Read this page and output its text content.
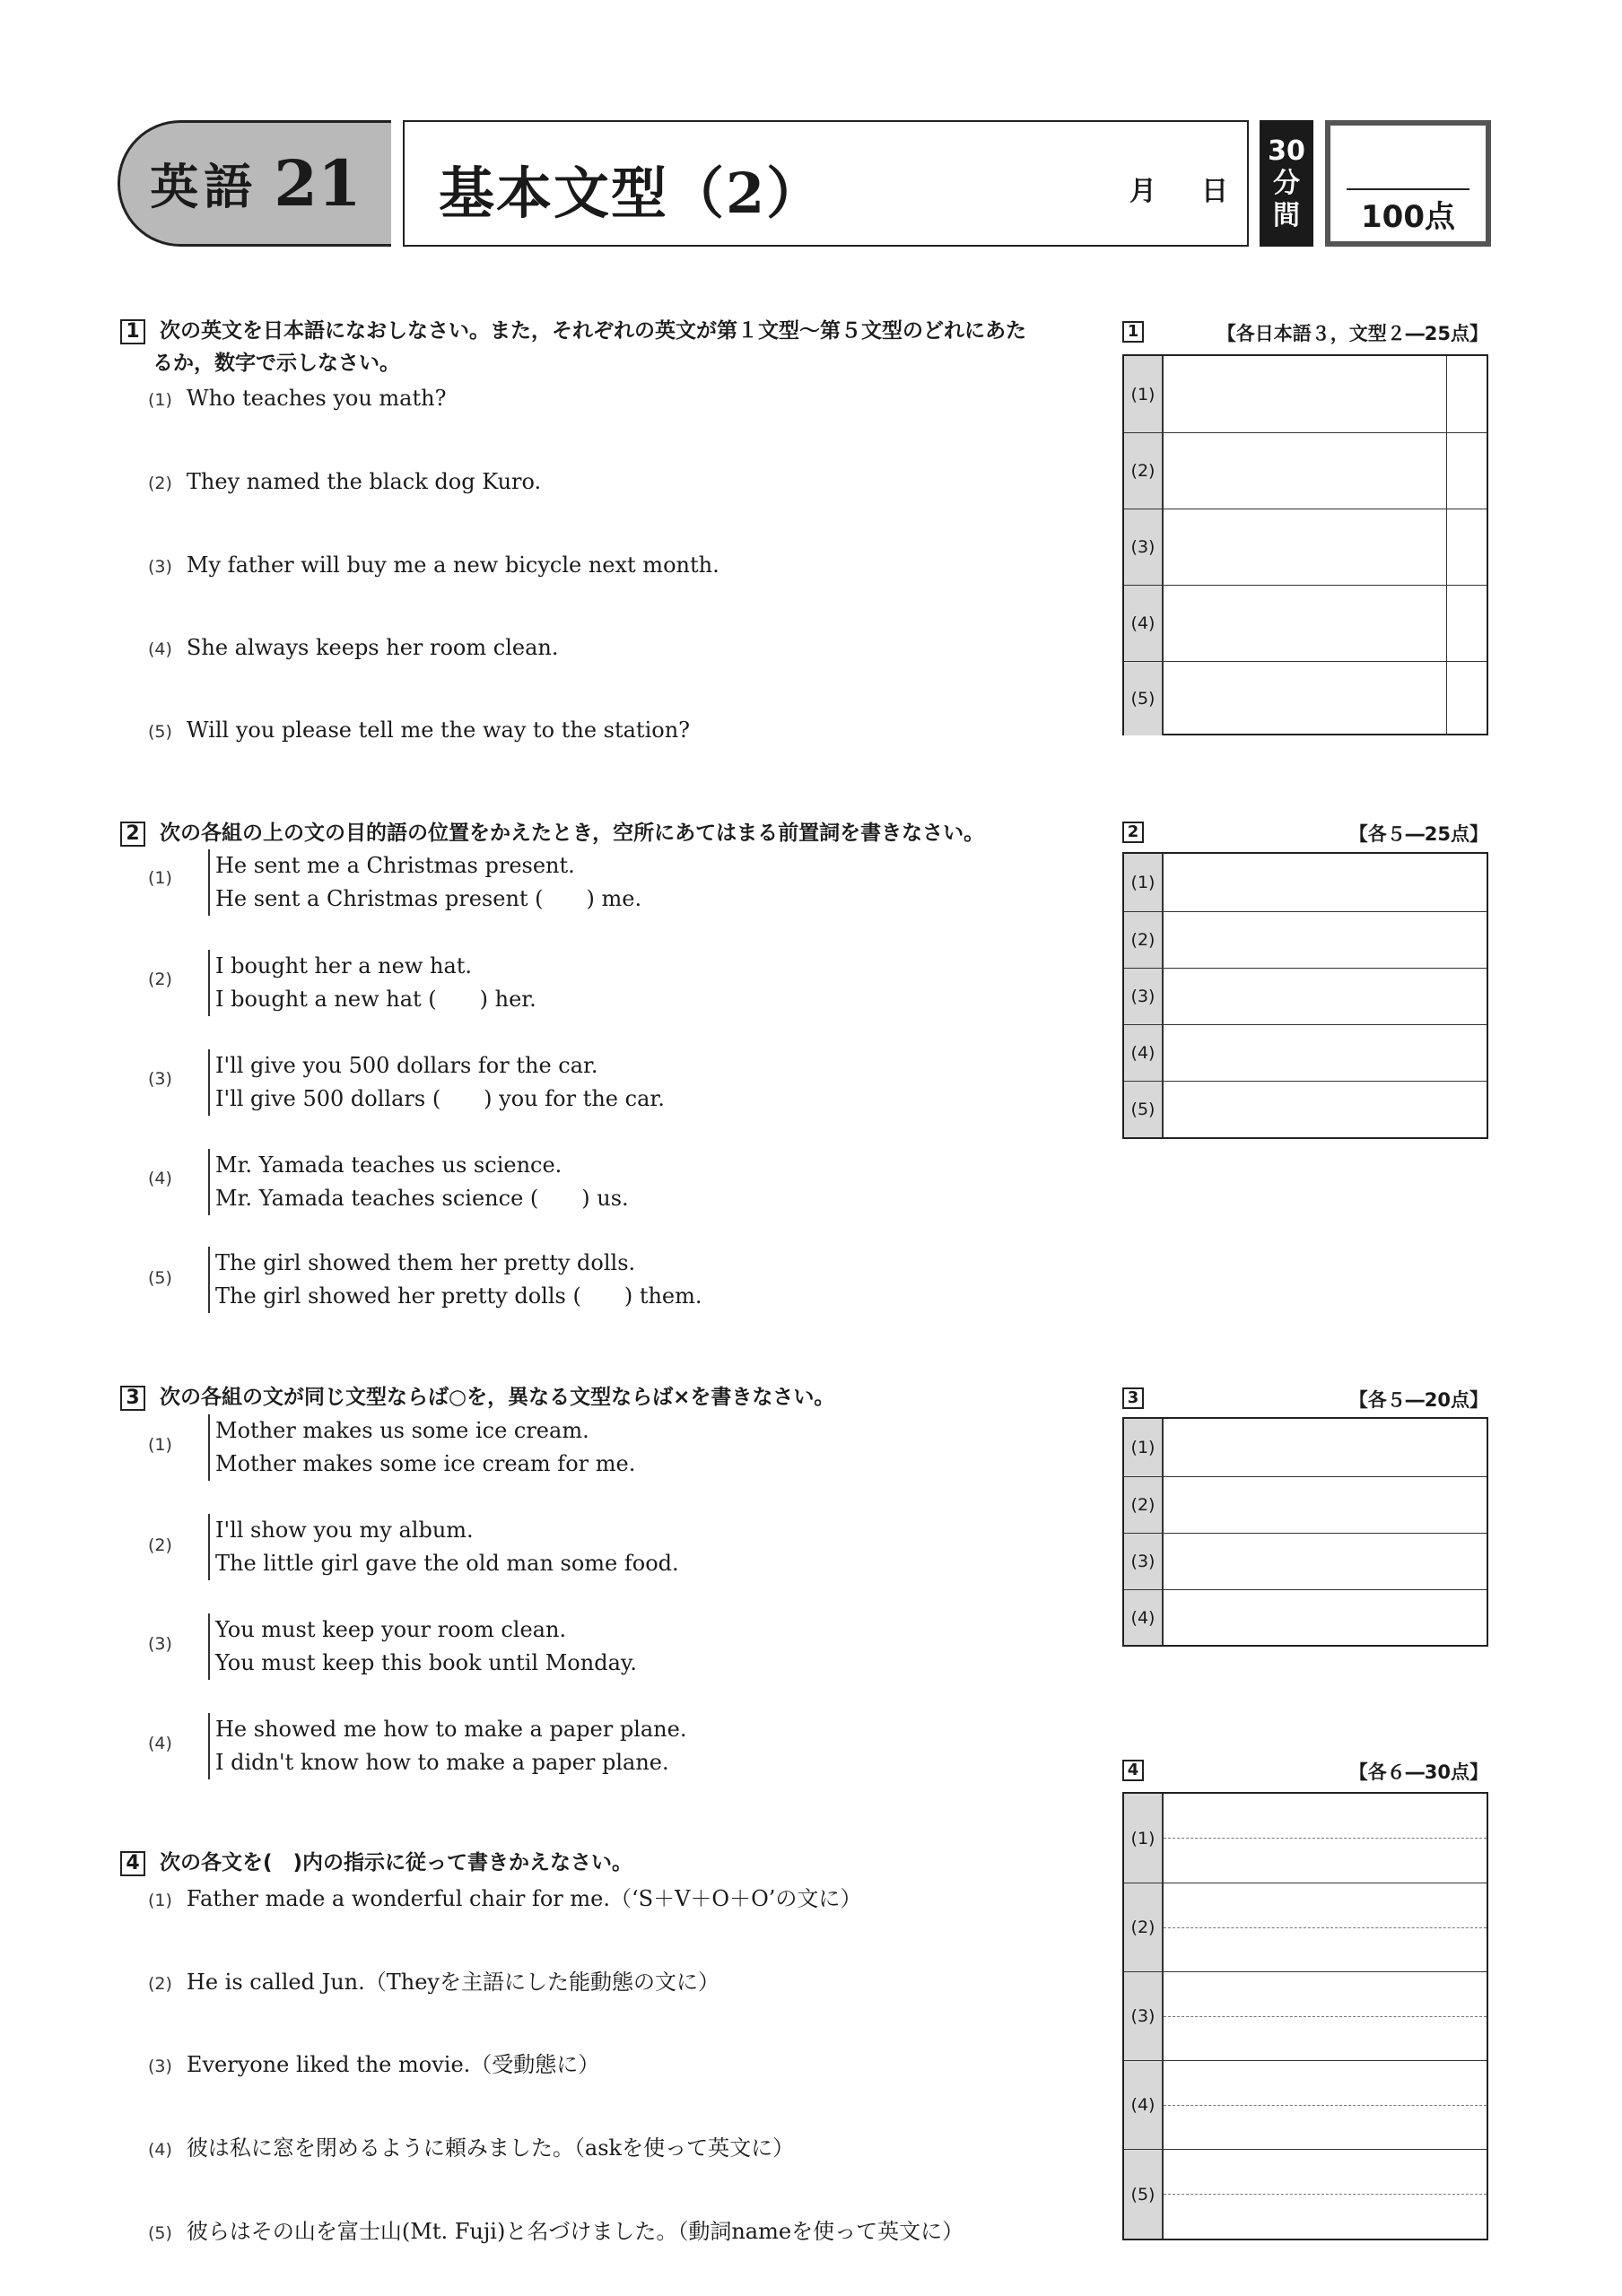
英語 21 基本文型（2）	月 日
30
分
間	100点
1 次の英文を日本語になおしなさい。また，それぞれの英文が第１文型～第５文型のどれにあた
るか，数字で示しなさい。
(1) Who teaches you math?
(2) They named the black dog Kuro.
(3) My father will buy me a new bicycle next month.
(4) She always keeps her room clean.
(5) Will you please tell me the way to the station?
1	【各日本語３，文型２―25点】
(1)
(2)
(3)
(4)
(5)
2 次の各組の上の文の目的語の位置をかえたとき，空所にあてはまる前置詞を書きなさい。
(1) He sent me a Christmas present.
He sent a Christmas present (　　) me.
(2)
I bought her a new hat.
I bought a new hat (　　) her.
(3)
I'll give you 500 dollars for the car.
I'll give 500 dollars (　　) you for the car.
(4)
Mr. Yamada teaches us science.
Mr. Yamada teaches science (　　) us.
(5)
The girl showed them her pretty dolls.
The girl showed her pretty dolls (　　) them.
2	【各５―25点】
(1)
(2)
(3)
(4)
(5)
3 次の各組の文が同じ文型ならば○を，異なる文型ならば×を書きなさい。
(1)
Mother makes us some ice cream.
Mother makes some ice cream for me.
(2)
I'll show you my album.
The little girl gave the old man some food.
(3)
You must keep your room clean.
You must keep this book until Monday.
(4)
He showed me how to make a paper plane.
I didn't know how to make a paper plane.
3	【各５―20点】
(1)
(2)
(3)
(4)
4 次の各文を(　)内の指示に従って書きかえなさい。
(1) Father made a wonderful chair for me.（‘S＋V＋O＋O’の文に）
(2) He is called Jun.（Theyを主語にした能動態の文に）
(3) Everyone liked the movie.（受動態に）
(4) 彼は私に窓を閉めるように頼みました。（askを使って英文に）
(5) 彼らはその山を富士山(Mt. Fuji)と名づけました。（動詞nameを使って英文に）
4	【各６―30点】
(1)
(2)
(3)
(4)
(5)
